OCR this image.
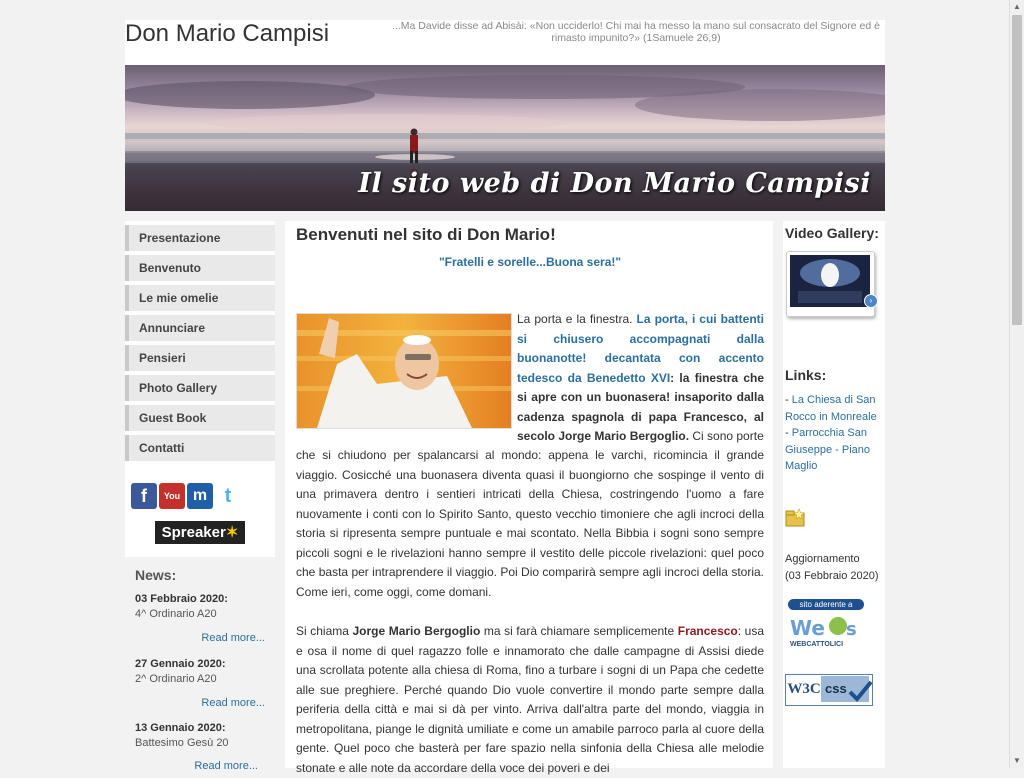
Don Mario Campisi	...Ma Davide disse ad Abisài: «Non ucciderlo! Chi mai ha messo la mano sul consacrato del Signore ed è rimasto impunito?» (1Samuele 26,9)
Il sito web di Don Mario Campisi
Presentazione
Benvenuto
Le mie omelie
Annunciare
Pensieri
Photo Gallery
Guest Book
Contatti
f	You m t
Spreaker✶
News:
03 Febbraio 2020:
4^ Ordinario A20
Read more...
27 Gennaio 2020:
2^ Ordinario A20
Read more...
13 Gennaio 2020:
Battesimo Gesù 20
Read more...
Benvenuti nel sito di Don Mario!
"Fratelli e sorelle...Buona sera!"
La porta e la finestra. La porta, i cui battenti si chiusero accompagnati dalla buonanotte! decantata con accento tedesco da Benedetto XVI: la finestra che si apre con un buonasera! insaporito dalla cadenza spagnola di papa Francesco, al secolo Jorge Mario Bergoglio. Ci sono porte
che si chiudono per spalancarsi al mondo: appena le varchi, ricomincia il grande viaggio. Cosicché una buonasera diventa quasi il buongiorno che sospinge il vento di una primavera dentro i sentieri intricati della Chiesa, costringendo l'uomo a fare nuovamente i conti con lo Spirito Santo, questo vecchio timoniere che agli incroci della storia si ripresenta sempre puntuale e mai scontato. Nella Bibbia i sogni sono sempre piccoli sogni e le rivelazioni hanno sempre il vestito delle piccole rivelazioni: quel poco che basta per intraprendere il viaggio. Poi Dio comparirà sempre agli incroci della storia. Come ieri, come oggi, come domani.
Si chiama Jorge Mario Bergoglio ma si farà chiamare semplicemente Francesco: usa e osa il nome di quel ragazzo folle e innamorato che dalle campagne di Assisi diede una scrollata potente alla chiesa di Roma, fino a turbare i sogni di un Papa che cedette alle sue preghiere. Perché quando Dio vuole convertire il mondo parte sempre dalla periferia della città e mai si dà per vinto. Arriva dall'altra parte del mondo, viaggia in metropolitana, piange le dignità umiliate e come un amabile parroco parla al cuore della gente. Quel poco che basterà per fare spazio nella sinfonia della Chiesa alle melodie stonate e alle note da accordare della voce dei poveri e dei
Video Gallery:
›
Links:
- La Chiesa di San Rocco in Monreale
- Parrocchia San Giuseppe - Piano Maglio
Aggiornamento
(03 Febbraio 2020)
sito aderente a
We s
WEBCATTOLICI
W3C css
▲
▼
